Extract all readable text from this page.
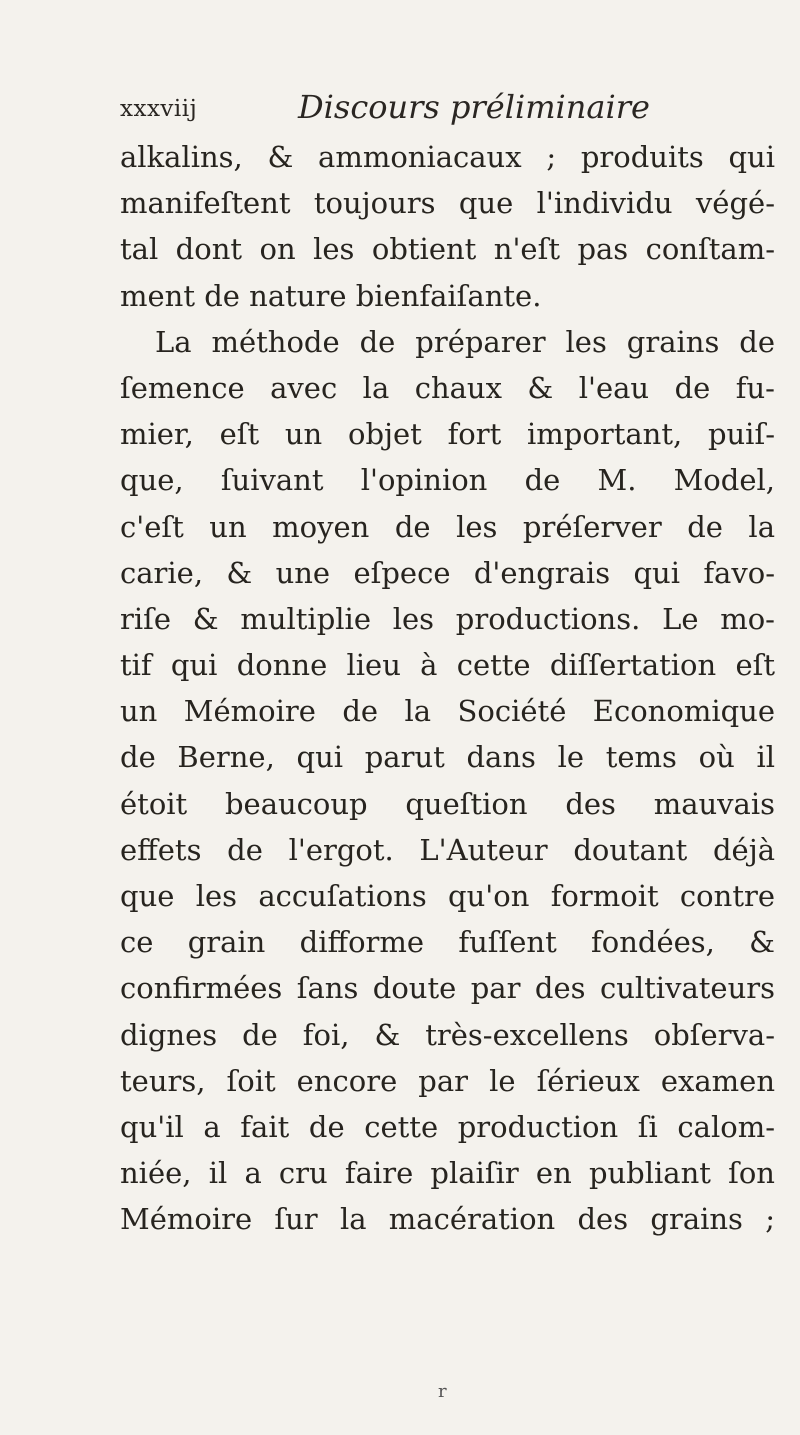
xxxviij	Discours préliminaire
alkalins, & ammoniacaux ; produits qui
manifeſtent toujours que l'individu végé-
tal dont on les obtient n'eſt pas conſtam-
ment de nature bienfaiſante.
La méthode de préparer les grains de
ſemence avec la chaux & l'eau de fu-
mier, eſt un objet fort important, puiſ-
que, ſuivant l'opinion de M. Model,
c'eſt un moyen de les préſerver de la
carie, & une eſpece d'engrais qui favo-
riſe & multiplie les productions. Le mo-
tif qui donne lieu à cette diſſertation eſt
un Mémoire de la Société Economique
de Berne, qui parut dans le tems où il
étoit beaucoup queſtion des mauvais
effets de l'ergot. L'Auteur doutant déjà
que les accuſations qu'on formoit contre
ce grain difforme fuſſent fondées, &
confirmées ſans doute par des cultivateurs
dignes de foi, & très-excellens obſerva-
teurs, ſoit encore par le ſérieux examen
qu'il a fait de cette production ſi calom-
niée, il a cru faire plaiſir en publiant ſon
Mémoire ſur la macération des grains ;
r
